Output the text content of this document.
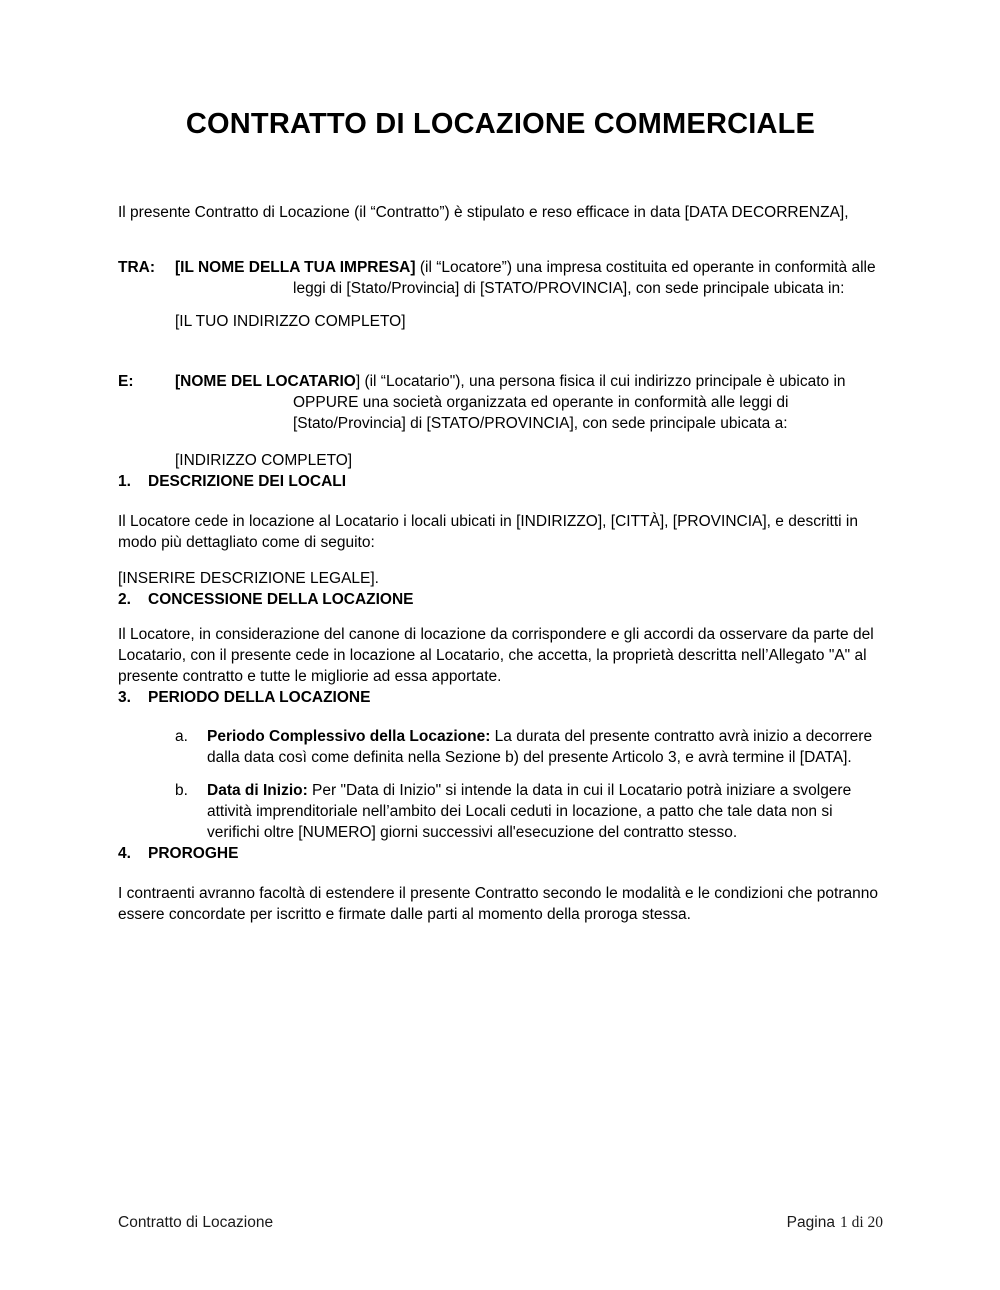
CONTRATTO DI LOCAZIONE COMMERCIALE

Il presente Contratto di Locazione (il “Contratto”) è stipulato e reso efficace in data [DATA DECORRENZA],

TRA: [IL NOME DELLA TUA IMPRESA] (il “Locatore”) una impresa costituita ed operante in conformità alle leggi di [Stato/Provincia] di [STATO/PROVINCIA], con sede principale ubicata in:

[IL TUO INDIRIZZO COMPLETO]

E:	[NOME DEL LOCATARIO] (il “Locatario"), una persona fisica il cui indirizzo principale è ubicato in OPPURE una società organizzata ed operante in conformità alle leggi di [Stato/Provincia] di [STATO/PROVINCIA], con sede principale ubicata a:

[INDIRIZZO COMPLETO]

1. DESCRIZIONE DEI LOCALI

Il Locatore cede in locazione al Locatario i locali ubicati in [INDIRIZZO], [CITTÀ], [PROVINCIA], e descritti in modo più dettagliato come di seguito:

[INSERIRE DESCRIZIONE LEGALE].

2. CONCESSIONE DELLA LOCAZIONE

Il Locatore, in considerazione del canone di locazione da corrispondere e gli accordi da osservare da parte del Locatario, con il presente cede in locazione al Locatario, che accetta, la proprietà descritta nell’Allegato "A" al presente contratto e tutte le migliorie ad essa apportate.

3. PERIODO DELLA LOCAZIONE

a. Periodo Complessivo della Locazione: La durata del presente contratto avrà inizio a decorrere dalla data così come definita nella Sezione b) del presente Articolo 3, e avrà termine il [DATA].

b. Data di Inizio: Per "Data di Inizio" si intende la data in cui il Locatario potrà iniziare a svolgere attività imprenditoriale nell’ambito dei Locali ceduti in locazione, a patto che tale data non si verifichi oltre [NUMERO] giorni successivi all'esecuzione del contratto stesso.

4. PROROGHE

I contraenti avranno facoltà di estendere il presente Contratto secondo le modalità e le condizioni che potranno essere concordate per iscritto e firmate dalle parti al momento della proroga stessa.

Contratto di Locazione	Pagina 1 di 20
